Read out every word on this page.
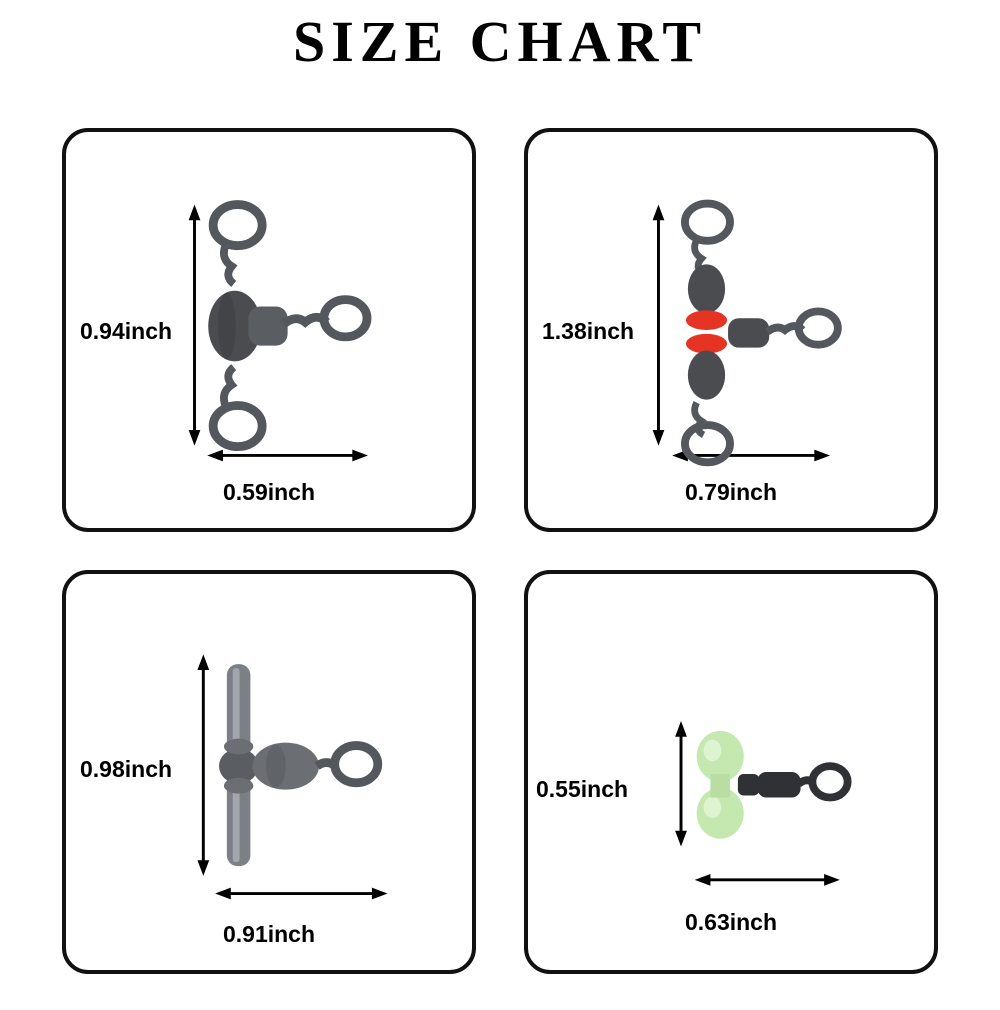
SIZE CHART
0.94inch
0.59inch
1.38inch
0.79inch
0.98inch
0.91inch
0.55inch
0.63inch
